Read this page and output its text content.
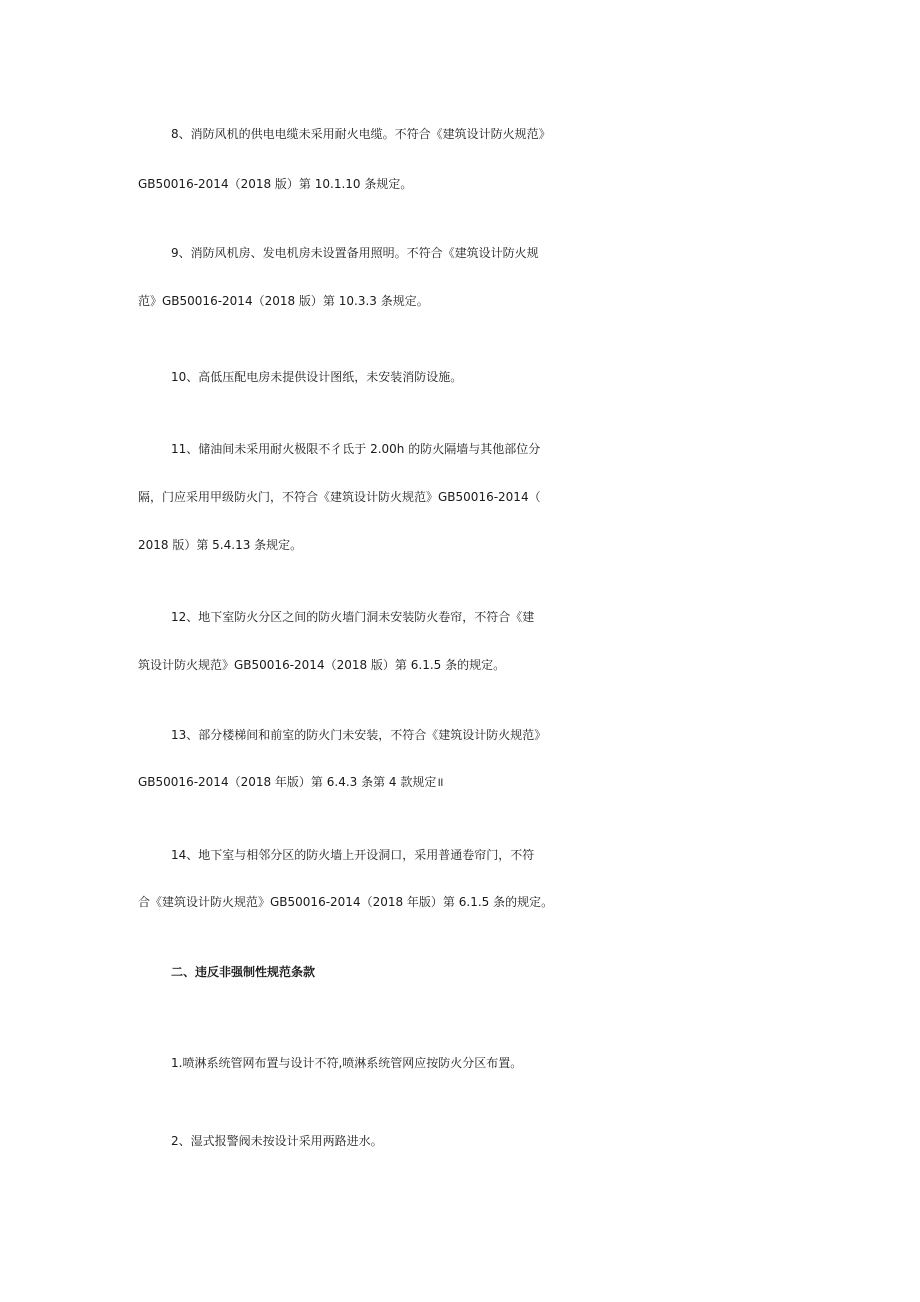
8、消防风机的供电电缆未采用耐火电缆。不符合《建筑设计防火规范》
GB50016-2014（2018 版）第 10.1.10 条规定。
9、消防风机房、发电机房未设置备用照明。不符合《建筑设计防火规
范》GB50016-2014（2018 版）第 10.3.3 条规定。
10、高低压配电房未提供设计图纸，未安装消防设施。
11、储油间未采用耐火极限不彳氐于 2.00h 的防火隔墙与其他部位分
隔，门应采用甲级防火门，不符合《建筑设计防火规范》GB50016-2014（
2018 版）第 5.4.13 条规定。
12、地下室防火分区之间的防火墙门洞未安装防火卷帘，不符合《建
筑设计防火规范》GB50016-2014（2018 版）第 6.1.5 条的规定。
13、部分楼梯间和前室的防火门未安装，不符合《建筑设计防火规范》
GB50016-2014（2018 年版）第 6.4.3 条第 4 款规定॥
14、地下室与相邻分区的防火墙上开设洞口，采用普通卷帘门，不符
合《建筑设计防火规范》GB50016-2014（2018 年版）第 6.1.5 条的规定。
二、违反非强制性规范条款
1.喷淋系统管网布置与设计不符,喷淋系统管网应按防火分区布置。
2、湿式报警阀未按设计采用两路进水。
